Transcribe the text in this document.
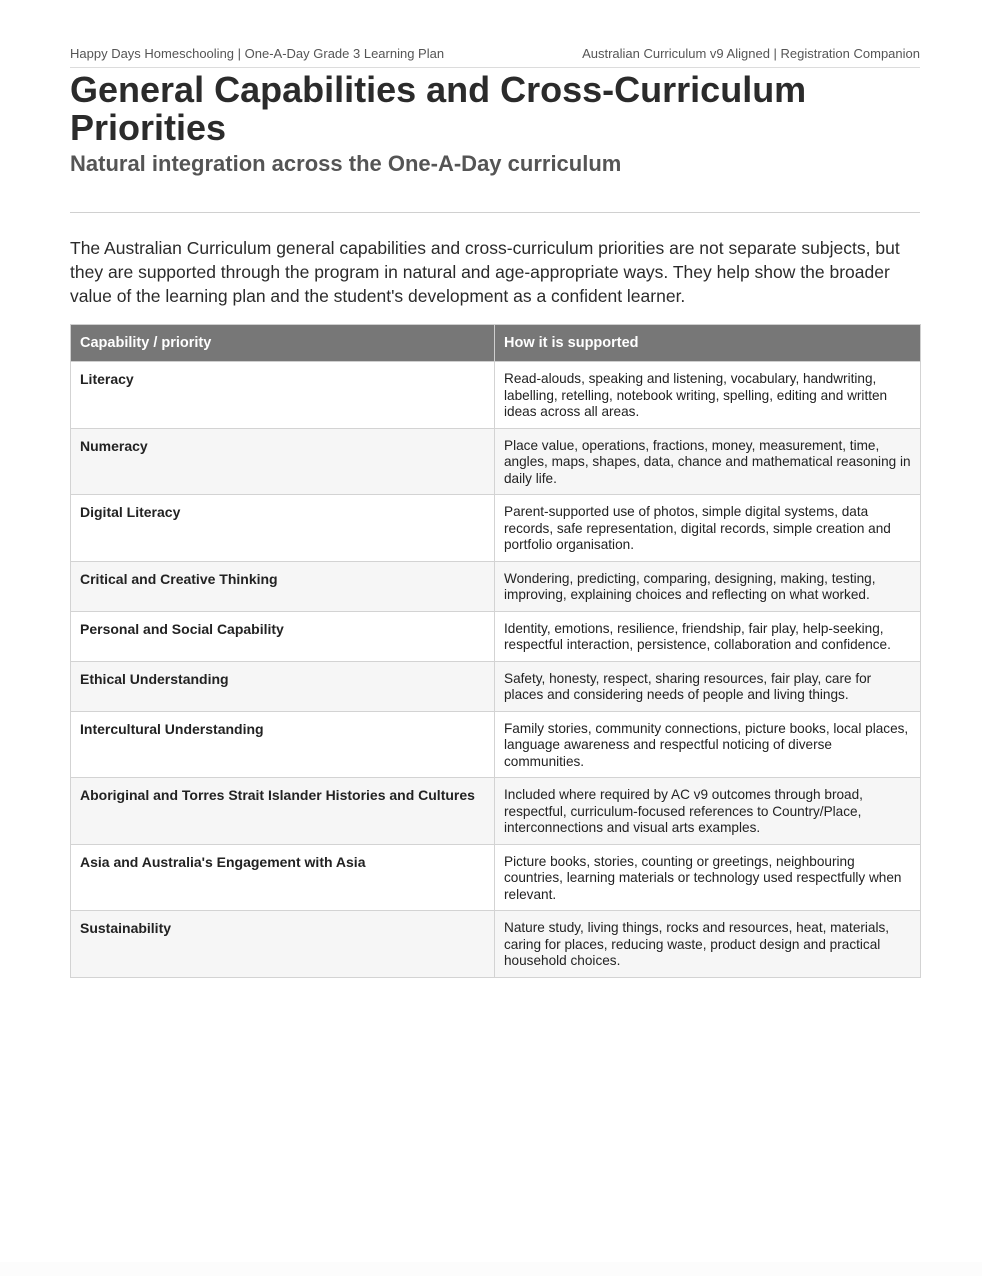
Happy Days Homeschooling | One-A-Day Grade 3 Learning Plan	Australian Curriculum v9 Aligned | Registration Companion
General Capabilities and Cross-Curriculum Priorities
Natural integration across the One-A-Day curriculum

The Australian Curriculum general capabilities and cross-curriculum priorities are not separate subjects, but they are supported through the program in natural and age-appropriate ways. They help show the broader value of the learning plan and the student's development as a confident learner.

Capability / priority	How it is supported
Literacy	Read-alouds, speaking and listening, vocabulary, handwriting, labelling, retelling, notebook writing, spelling, editing and written ideas across all areas.
Numeracy	Place value, operations, fractions, money, measurement, time, angles, maps, shapes, data, chance and mathematical reasoning in daily life.
Digital Literacy	Parent-supported use of photos, simple digital systems, data records, safe representation, digital records, simple creation and portfolio organisation.
Critical and Creative Thinking	Wondering, predicting, comparing, designing, making, testing, improving, explaining choices and reflecting on what worked.
Personal and Social Capability	Identity, emotions, resilience, friendship, fair play, help-seeking, respectful interaction, persistence, collaboration and confidence.
Ethical Understanding	Safety, honesty, respect, sharing resources, fair play, care for places and considering needs of people and living things.
Intercultural Understanding	Family stories, community connections, picture books, local places, language awareness and respectful noticing of diverse communities.
Aboriginal and Torres Strait Islander Histories and Cultures	Included where required by AC v9 outcomes through broad, respectful, curriculum-focused references to Country/Place, interconnections and visual arts examples.
Asia and Australia's Engagement with Asia	Picture books, stories, counting or greetings, neighbouring countries, learning materials or technology used respectfully when relevant.
Sustainability	Nature study, living things, rocks and resources, heat, materials, caring for places, reducing waste, product design and practical household choices.
